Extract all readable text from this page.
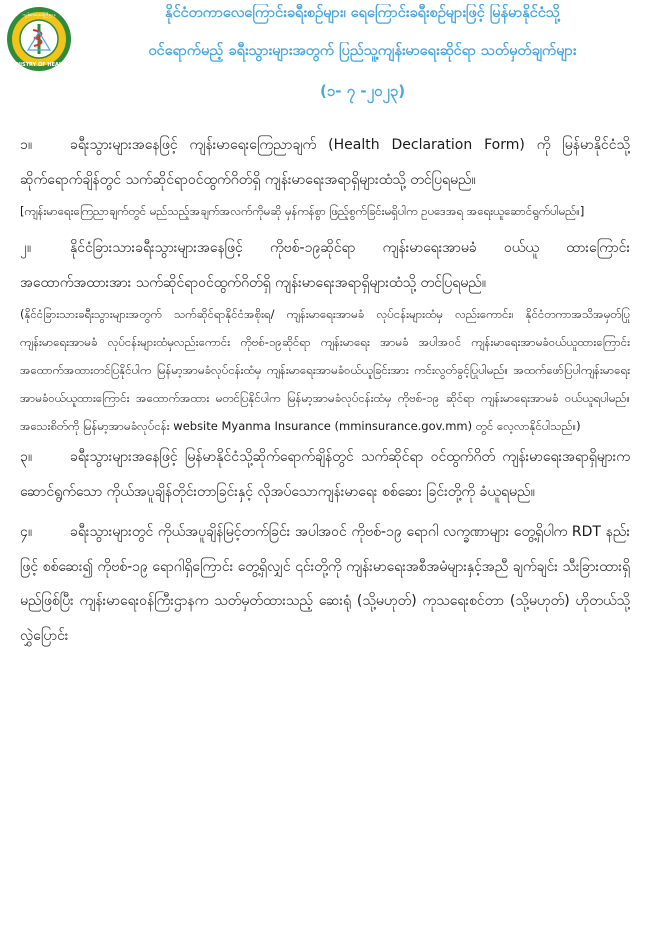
MINISTRY OF HEALTH
ကျန်းမာရေးဝန်ကြီးဌာန	နိုင်ငံတကာလေကြောင်းခရီးစဉ်များ၊ ရေကြောင်းခရီးစဉ်များဖြင့် မြန်မာနိုင်ငံသို့
ဝင်ရောက်မည့် ခရီးသွားများအတွက် ပြည်သူ့ကျန်းမာရေးဆိုင်ရာ သတ်မှတ်ချက်များ
(၁- ၇ -၂၀၂၃)

၁။	ခရီးသွားများအနေဖြင့် ကျန်းမာရေးကြေညာချက် (Health Declaration Form) ကို မြန်မာနိုင်ငံသို့ ဆိုက်ရောက်ချိန်တွင် သက်ဆိုင်ရာဝင်ထွက်ဂိတ်ရှိ ကျန်းမာရေးအရာရှိများထံသို့ တင်ပြရမည်။

[ကျန်းမာရေးကြေညာချက်တွင် မည်သည့်အချက်အလက်ကိုမဆို မှန်ကန်စွာ ဖြည့်စွက်ခြင်းမရှိပါက ဥပဒေအရ အရေးယူဆောင်ရွက်ပါမည်။]

၂။	နိုင်ငံခြားသားခရီးသွားများအနေဖြင့် ကိုဗစ်-၁၉ဆိုင်ရာ ကျန်းမာရေးအာမခံ ဝယ်ယူ ထားကြောင်း အထောက်အထားအား သက်ဆိုင်ရာဝင်ထွက်ဂိတ်ရှိ ကျန်းမာရေးအရာရှိများထံသို့ တင်ပြရမည်။

(နိုင်ငံခြားသားခရီးသွားများအတွက် သက်ဆိုင်ရာနိုင်ငံအစိုးရ/ ကျန်းမာရေးအာမခံ လုပ်ငန်းများထံမှ လည်းကောင်း၊ နိုင်ငံတကာအသိအမှတ်ပြု ကျန်းမာရေးအာမခံ လုပ်ငန်းများထံမှလည်းကောင်း ကိုဗစ်-၁၉ဆိုင်ရာ ကျန်းမာရေး အာမခံ အပါအဝင် ကျန်းမာရေးအာမခံဝယ်ယူထားကြောင်း အထောက်အထားတင်ပြနိုင်ပါက မြန်မာ့အာမခံလုပ်ငန်းထံမှ ကျန်းမာရေးအာမခံဝယ်ယူခြင်းအား ကင်းလွတ်ခွင့်ပြုပါမည်။ အထက်ဖော်ပြပါကျန်းမာရေးအာမခံဝယ်ယူထားကြောင်း အထောက်အထား မတင်ပြနိုင်ပါက မြန်မာ့အာမခံလုပ်ငန်းထံမှ ကိုဗစ်-၁၉ ဆိုင်ရာ ကျန်းမာရေးအာမခံ ဝယ်ယူရပါမည်။ အသေးစိတ်ကို မြန်မာ့အာမခံလုပ်ငန်း website Myanma Insurance (mminsurance.gov.mm) တွင် လေ့လာနိုင်ပါသည်။)

၃။	ခရီးသွားများအနေဖြင့် မြန်မာနိုင်ငံသို့ဆိုက်ရောက်ချိန်တွင် သက်ဆိုင်ရာ ဝင်ထွက်ဂိတ် ကျန်းမာရေးအရာရှိများက ဆောင်ရွက်သော ကိုယ်အပူချိန်တိုင်းတာခြင်းနှင့် လိုအပ်သောကျန်းမာရေး စစ်ဆေး ခြင်းတို့ကို ခံယူရမည်။

၄။	ခရီးသွားများတွင် ကိုယ်အပူချိန်မြင့်တက်ခြင်း အပါအဝင် ကိုဗစ်-၁၉ ရောဂါ လက္ခဏာများ တွေ့ရှိပါက RDT နည်းဖြင့် စစ်ဆေး၍ ကိုဗစ်-၁၉ ရောဂါရှိကြောင်း တွေ့ရှိလျှင် ၎င်းတို့ကို ကျန်းမာရေးအစီအမံများနှင့်အညီ ချက်ချင်း သီးခြားထားရှိမည်ဖြစ်ပြီး ကျန်းမာရေးဝန်ကြီးဌာနက သတ်မှတ်ထားသည့် ဆေးရုံ (သို့မဟုတ်) ကုသရေးစင်တာ (သို့မဟုတ်) ဟိုတယ်သို့ လွှဲပြောင်း
